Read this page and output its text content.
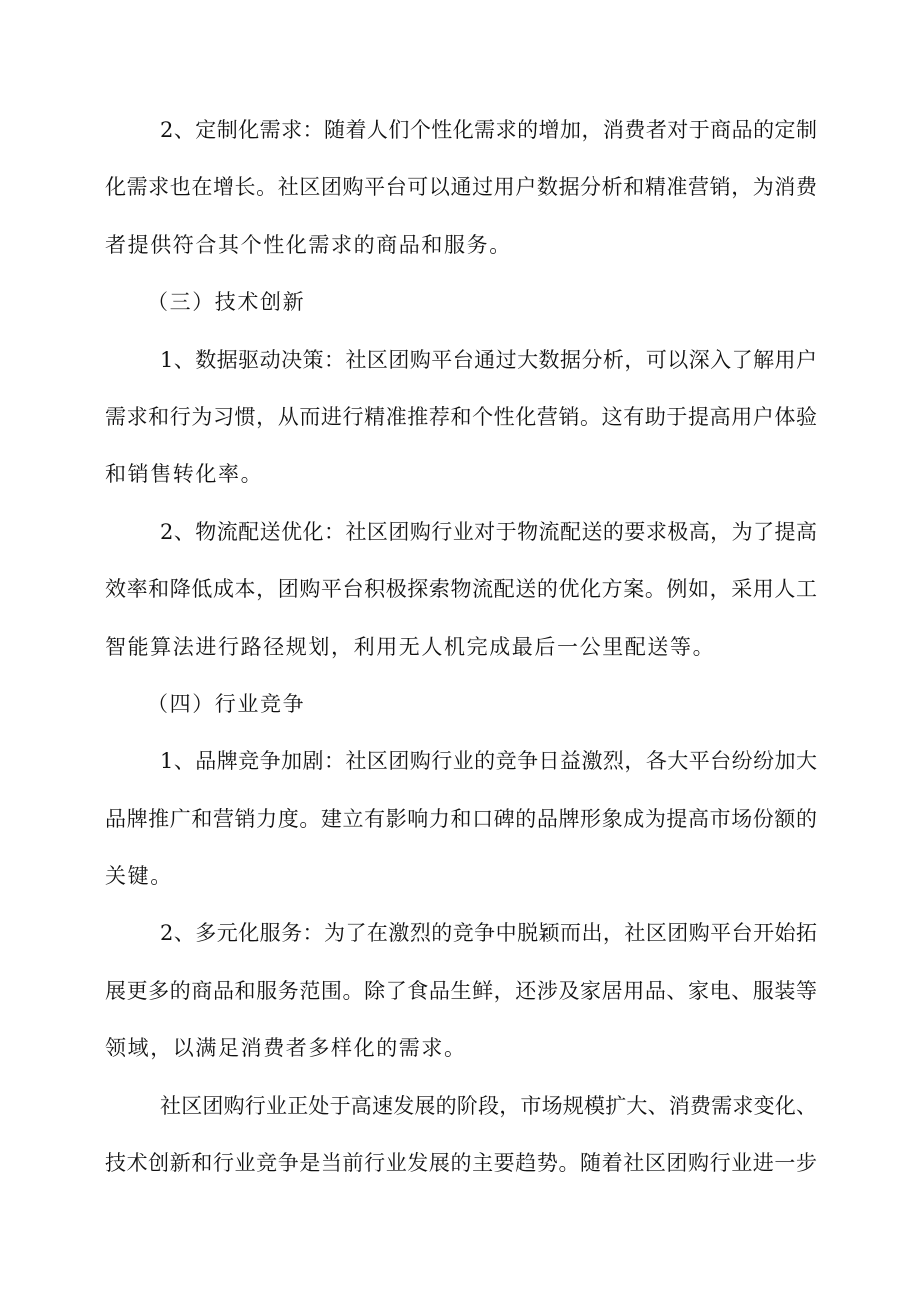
2、定制化需求：随着人们个性化需求的增加，消费者对于商品的定制
化需求也在增长。社区团购平台可以通过用户数据分析和精准营销，为消费
者提供符合其个性化需求的商品和服务。
（三）技术创新
1、数据驱动决策：社区团购平台通过大数据分析，可以深入了解用户
需求和行为习惯，从而进行精准推荐和个性化营销。这有助于提高用户体验
和销售转化率。
2、物流配送优化：社区团购行业对于物流配送的要求极高，为了提高
效率和降低成本，团购平台积极探索物流配送的优化方案。例如，采用人工
智能算法进行路径规划，利用无人机完成最后一公里配送等。
（四）行业竞争
1、品牌竞争加剧：社区团购行业的竞争日益激烈，各大平台纷纷加大
品牌推广和营销力度。建立有影响力和口碑的品牌形象成为提高市场份额的
关键。
2、多元化服务：为了在激烈的竞争中脱颖而出，社区团购平台开始拓
展更多的商品和服务范围。除了食品生鲜，还涉及家居用品、家电、服装等
领域，以满足消费者多样化的需求。
社区团购行业正处于高速发展的阶段，市场规模扩大、消费需求变化、
技术创新和行业竞争是当前行业发展的主要趋势。随着社区团购行业进一步
